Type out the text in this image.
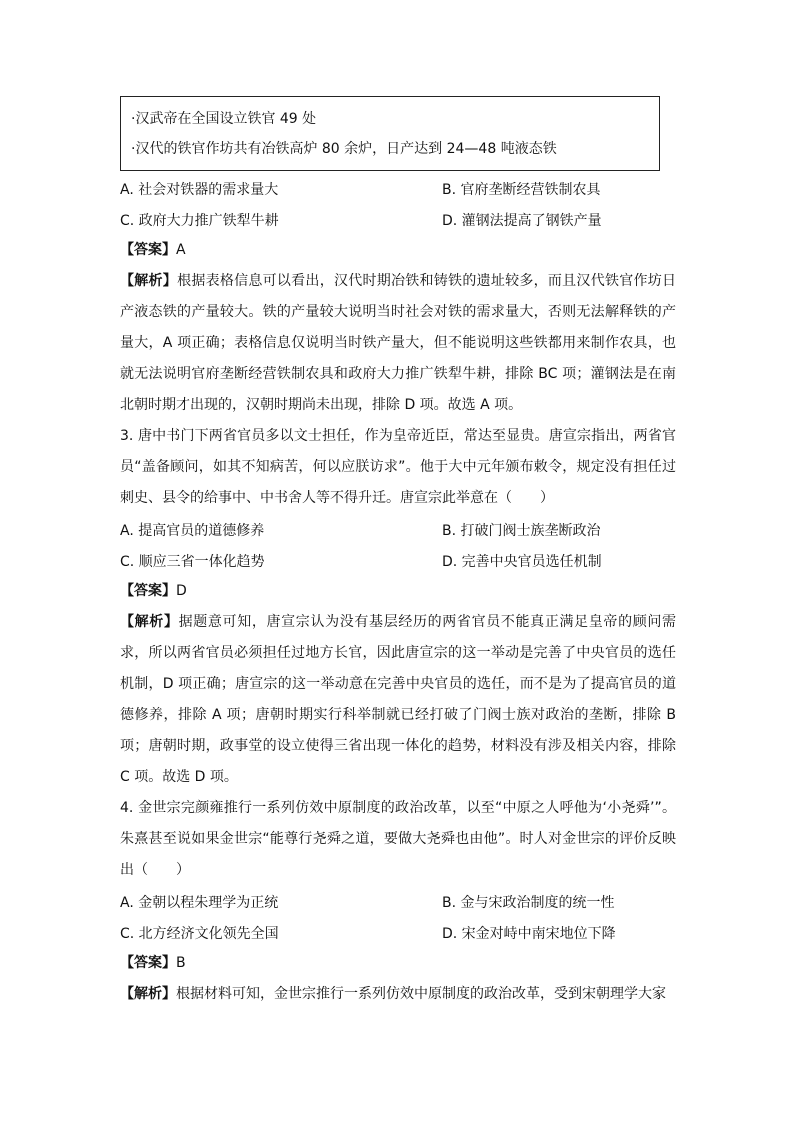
·汉武帝在全国设立铁官 49 处
·汉代的铁官作坊共有冶铁高炉 80 余炉，日产达到 24—48 吨液态铁
A. 社会对铁器的需求量大	B. 官府垄断经营铁制农具
C. 政府大力推广铁犁牛耕	D. 灌钢法提高了钢铁产量
【答案】A

【解析】根据表格信息可以看出，汉代时期冶铁和铸铁的遗址较多，而且汉代铁官作坊日产液态铁的产量较大。铁的产量较大说明当时社会对铁的需求量大，否则无法解释铁的产量大，A 项正确；表格信息仅说明当时铁产量大，但不能说明这些铁都用来制作农具，也就无法说明官府垄断经营铁制农具和政府大力推广铁犁牛耕，排除 BC 项；灌钢法是在南北朝时期才出现的，汉朝时期尚未出现，排除 D 项。故选 A 项。

3. 唐中书门下两省官员多以文士担任，作为皇帝近臣，常达至显贵。唐宣宗指出，两省官员“盖备顾问，如其不知病苦，何以应朕访求”。他于大中元年颁布敕令，规定没有担任过刺史、县令的给事中、中书舍人等不得升迁。唐宣宗此举意在（　　）

A. 提高官员的道德修养	B. 打破门阀士族垄断政治
C. 顺应三省一体化趋势	D. 完善中央官员选任机制
【答案】D

【解析】据题意可知，唐宣宗认为没有基层经历的两省官员不能真正满足皇帝的顾问需求，所以两省官员必须担任过地方长官，因此唐宣宗的这一举动是完善了中央官员的选任机制，D 项正确；唐宣宗的这一举动意在完善中央官员的选任，而不是为了提高官员的道德修养，排除 A 项；唐朝时期实行科举制就已经打破了门阀士族对政治的垄断，排除 B 项；唐朝时期，政事堂的设立使得三省出现一体化的趋势，材料没有涉及相关内容，排除 C 项。故选 D 项。

4. 金世宗完颜雍推行一系列仿效中原制度的政治改革，以至“中原之人呼他为‘小尧舜’”。朱熹甚至说如果金世宗“能尊行尧舜之道，要做大尧舜也由他”。时人对金世宗的评价反映出（　　）

A. 金朝以程朱理学为正统	B. 金与宋政治制度的统一性
C. 北方经济文化领先全国	D. 宋金对峙中南宋地位下降
【答案】B

【解析】根据材料可知，金世宗推行一系列仿效中原制度的政治改革，受到宋朝理学大家
